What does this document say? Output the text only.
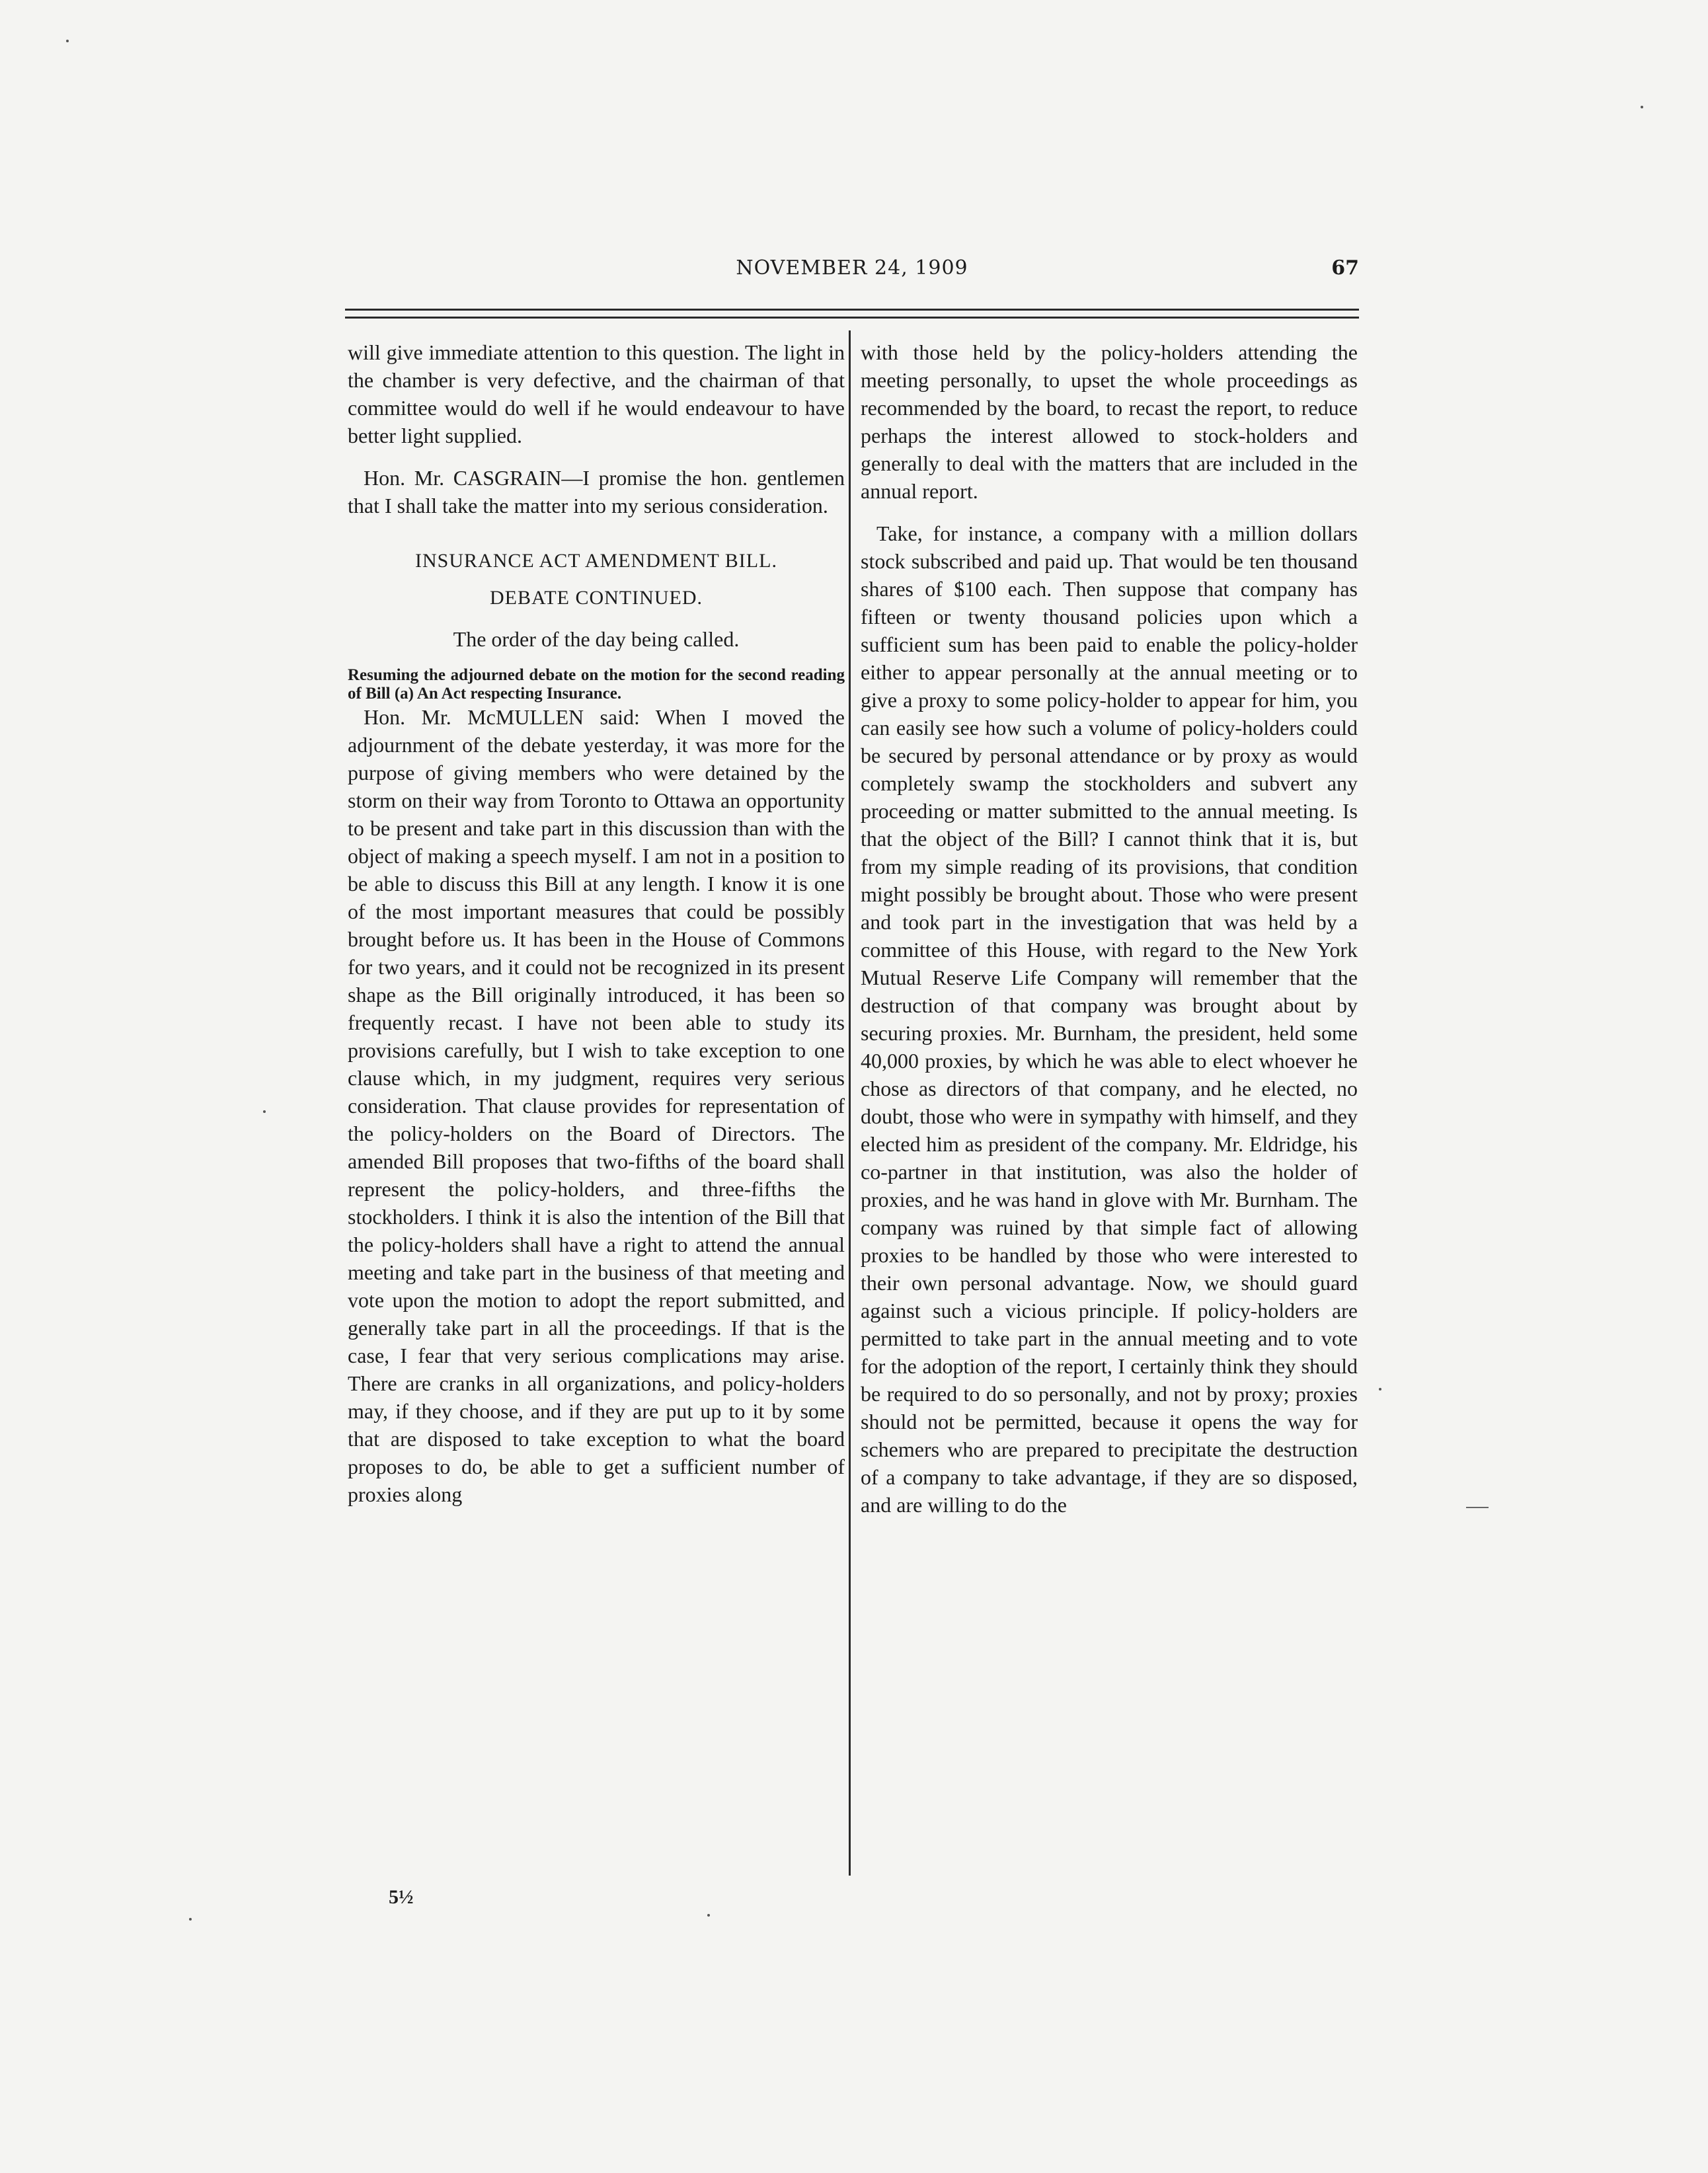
NOVEMBER 24, 1909	67

will give immediate attention to this question. The light in the chamber is very defective, and the chairman of that committee would do well if he would endeavour to have better light supplied.

Hon. Mr. CASGRAIN—I promise the hon. gentlemen that I shall take the matter into my serious consideration.

INSURANCE ACT AMENDMENT BILL.
DEBATE CONTINUED.
The order of the day being called.
Resuming the adjourned debate on the motion for the second reading of Bill (a) An Act respecting Insurance.

Hon. Mr. McMULLEN said: When I moved the adjournment of the debate yesterday, it was more for the purpose of giving members who were detained by the storm on their way from Toronto to Ottawa an opportunity to be present and take part in this discussion than with the object of making a speech myself. I am not in a position to be able to discuss this Bill at any length. I know it is one of the most important measures that could be possibly brought before us. It has been in the House of Commons for two years, and it could not be recognized in its present shape as the Bill originally introduced, it has been so frequently recast. I have not been able to study its provisions carefully, but I wish to take exception to one clause which, in my judgment, requires very serious consideration. That clause provides for representation of the policy-holders on the Board of Directors. The amended Bill proposes that two-fifths of the board shall represent the policy-holders, and three-fifths the stockholders. I think it is also the intention of the Bill that the policy-holders shall have a right to attend the annual meeting and take part in the business of that meeting and vote upon the motion to adopt the report submitted, and generally take part in all the proceedings. If that is the case, I fear that very serious complications may arise. There are cranks in all organizations, and policy-holders may, if they choose, and if they are put up to it by some that are disposed to take exception to what the board proposes to do, be able to get a sufficient number of proxies along

with those held by the policy-holders attending the meeting personally, to upset the whole proceedings as recommended by the board, to recast the report, to reduce perhaps the interest allowed to stock-holders and generally to deal with the matters that are included in the annual report.

Take, for instance, a company with a million dollars stock subscribed and paid up. That would be ten thousand shares of $100 each. Then suppose that company has fifteen or twenty thousand policies upon which a sufficient sum has been paid to enable the policy-holder either to appear personally at the annual meeting or to give a proxy to some policy-holder to appear for him, you can easily see how such a volume of policy-holders could be secured by personal attendance or by proxy as would completely swamp the stockholders and subvert any proceeding or matter submitted to the annual meeting. Is that the object of the Bill? I cannot think that it is, but from my simple reading of its provisions, that condition might possibly be brought about. Those who were present and took part in the investigation that was held by a committee of this House, with regard to the New York Mutual Reserve Life Company will remember that the destruction of that company was brought about by securing proxies. Mr. Burnham, the president, held some 40,000 proxies, by which he was able to elect whoever he chose as directors of that company, and he elected, no doubt, those who were in sympathy with himself, and they elected him as president of the company. Mr. Eldridge, his co-partner in that institution, was also the holder of proxies, and he was hand in glove with Mr. Burnham. The company was ruined by that simple fact of allowing proxies to be handled by those who were interested to their own personal advantage. Now, we should guard against such a vicious principle. If policy-holders are permitted to take part in the annual meeting and to vote for the adoption of the report, I certainly think they should be required to do so personally, and not by proxy; proxies should not be permitted, because it opens the way for schemers who are prepared to precipitate the destruction of a company to take advantage, if they are so disposed, and are willing to do the

5½
